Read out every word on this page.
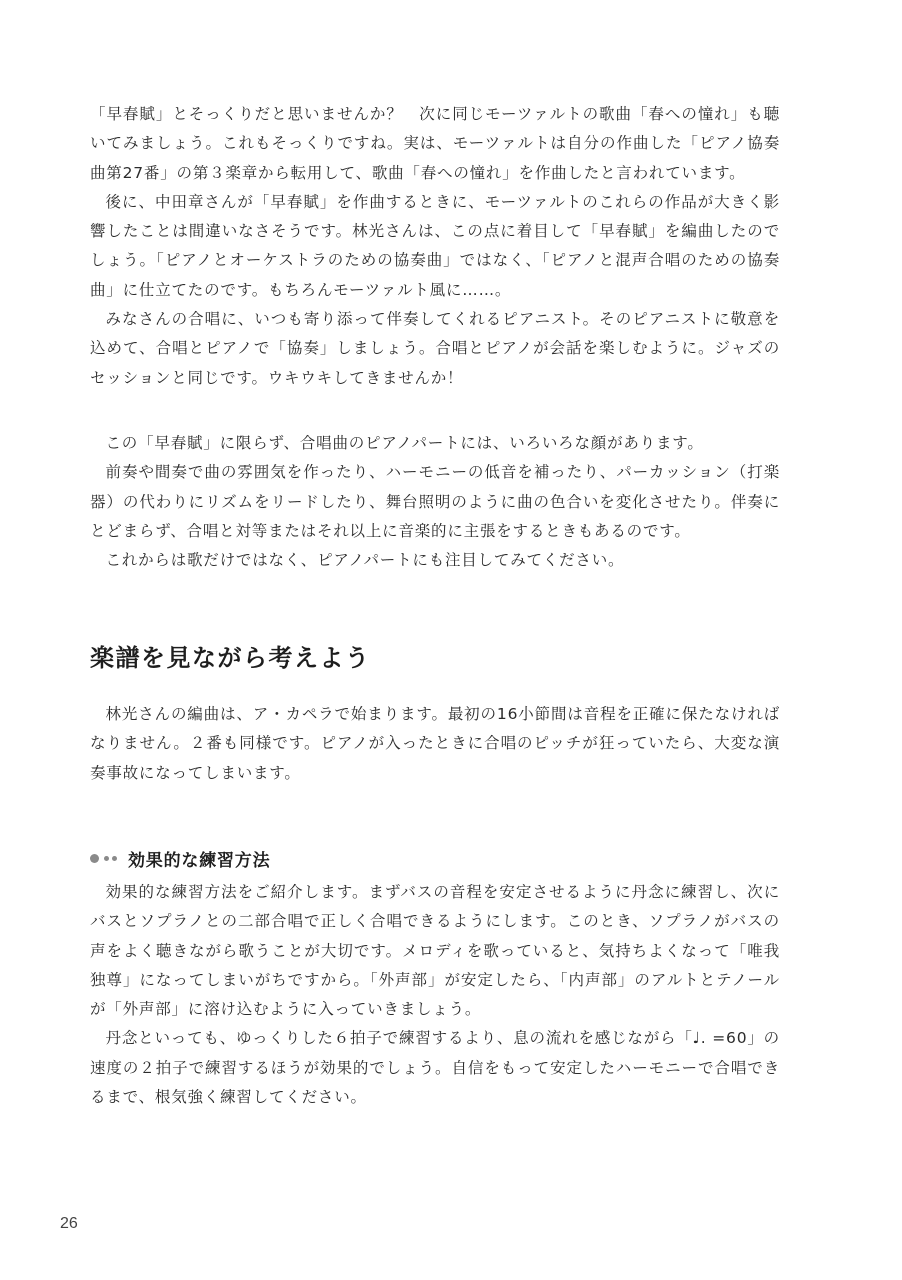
「早春賦」とそっくりだと思いませんか？　次に同じモーツァルトの歌曲「春への憧れ」も聴いてみましょう。これもそっくりですね。実は、モーツァルトは自分の作曲した「ピアノ協奏曲第27番」の第３楽章から転用して、歌曲「春への憧れ」を作曲したと言われています。

後に、中田章さんが「早春賦」を作曲するときに、モーツァルトのこれらの作品が大きく影響したことは間違いなさそうです。林光さんは、この点に着目して「早春賦」を編曲したのでしょう。「ピアノとオーケストラのための協奏曲」ではなく、「ピアノと混声合唱のための協奏曲」に仕立てたのです。もちろんモーツァルト風に……。

みなさんの合唱に、いつも寄り添って伴奏してくれるピアニスト。そのピアニストに敬意を込めて、合唱とピアノで「協奏」しましょう。合唱とピアノが会話を楽しむように。ジャズのセッションと同じです。ウキウキしてきませんか！

この「早春賦」に限らず、合唱曲のピアノパートには、いろいろな顔があります。

前奏や間奏で曲の雰囲気を作ったり、ハーモニーの低音を補ったり、パーカッション（打楽器）の代わりにリズムをリードしたり、舞台照明のように曲の色合いを変化させたり。伴奏にとどまらず、合唱と対等またはそれ以上に音楽的に主張をするときもあるのです。

これからは歌だけではなく、ピアノパートにも注目してみてください。

楽譜を見ながら考えよう

林光さんの編曲は、ア・カペラで始まります。最初の16小節間は音程を正確に保たなければなりません。２番も同様です。ピアノが入ったときに合唱のピッチが狂っていたら、大変な演奏事故になってしまいます。

効果的な練習方法

効果的な練習方法をご紹介します。まずバスの音程を安定させるように丹念に練習し、次にバスとソプラノとの二部合唱で正しく合唱できるようにします。このとき、ソプラノがバスの声をよく聴きながら歌うことが大切です。メロディを歌っていると、気持ちよくなって「唯我独尊」になってしまいがちですから。「外声部」が安定したら、「内声部」のアルトとテノールが「外声部」に溶け込むように入っていきましょう。

丹念といっても、ゆっくりした６拍子で練習するより、息の流れを感じながら「♩. =60」の速度の２拍子で練習するほうが効果的でしょう。自信をもって安定したハーモニーで合唱できるまで、根気強く練習してください。

26
